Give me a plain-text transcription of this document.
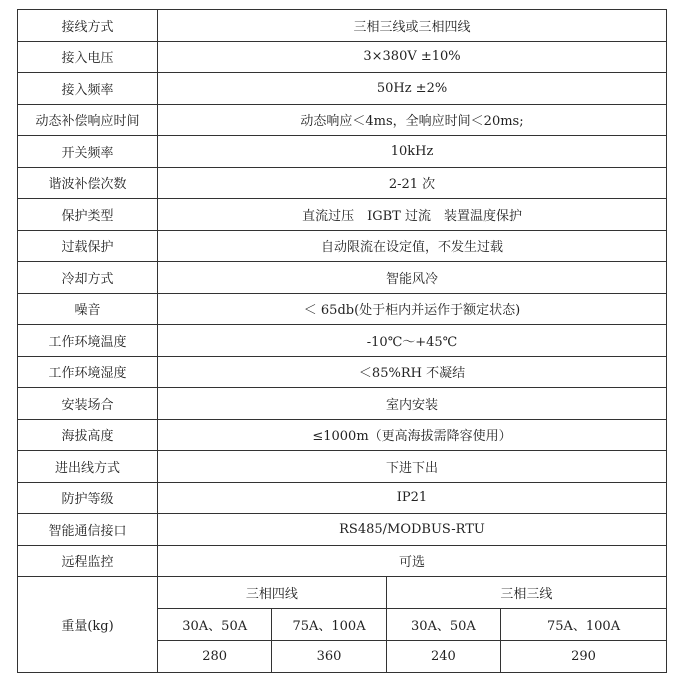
接线方式	三相三线或三相四线			
接入电压	3×380V ±10%			
接入频率	50Hz ±2%			
动态补偿响应时间	动态响应＜4ms，全响应时间＜20ms;			
开关频率	10kHz			
谐波补偿次数	2-21 次			
保护类型	直流过压　IGBT 过流　装置温度保护			
过载保护	自动限流在设定值，不发生过载			
冷却方式	智能风冷			
噪音	＜ 65db(处于柜内并运作于额定状态)			
工作环境温度	-10℃～+45℃			
工作环境湿度	＜85%RH 不凝结			
安装场合	室内安装			
海拔高度	≤1000m（更高海拔需降容使用）			
进出线方式	下进下出			
防护等级	IP21			
智能通信接口	RS485/MODBUS-RTU			
远程监控	可选			
重量(kg)	三相四线		三相三线	
	30A、50A	75A、100A	30A、50A	75A、100A
	280	360	240	290
